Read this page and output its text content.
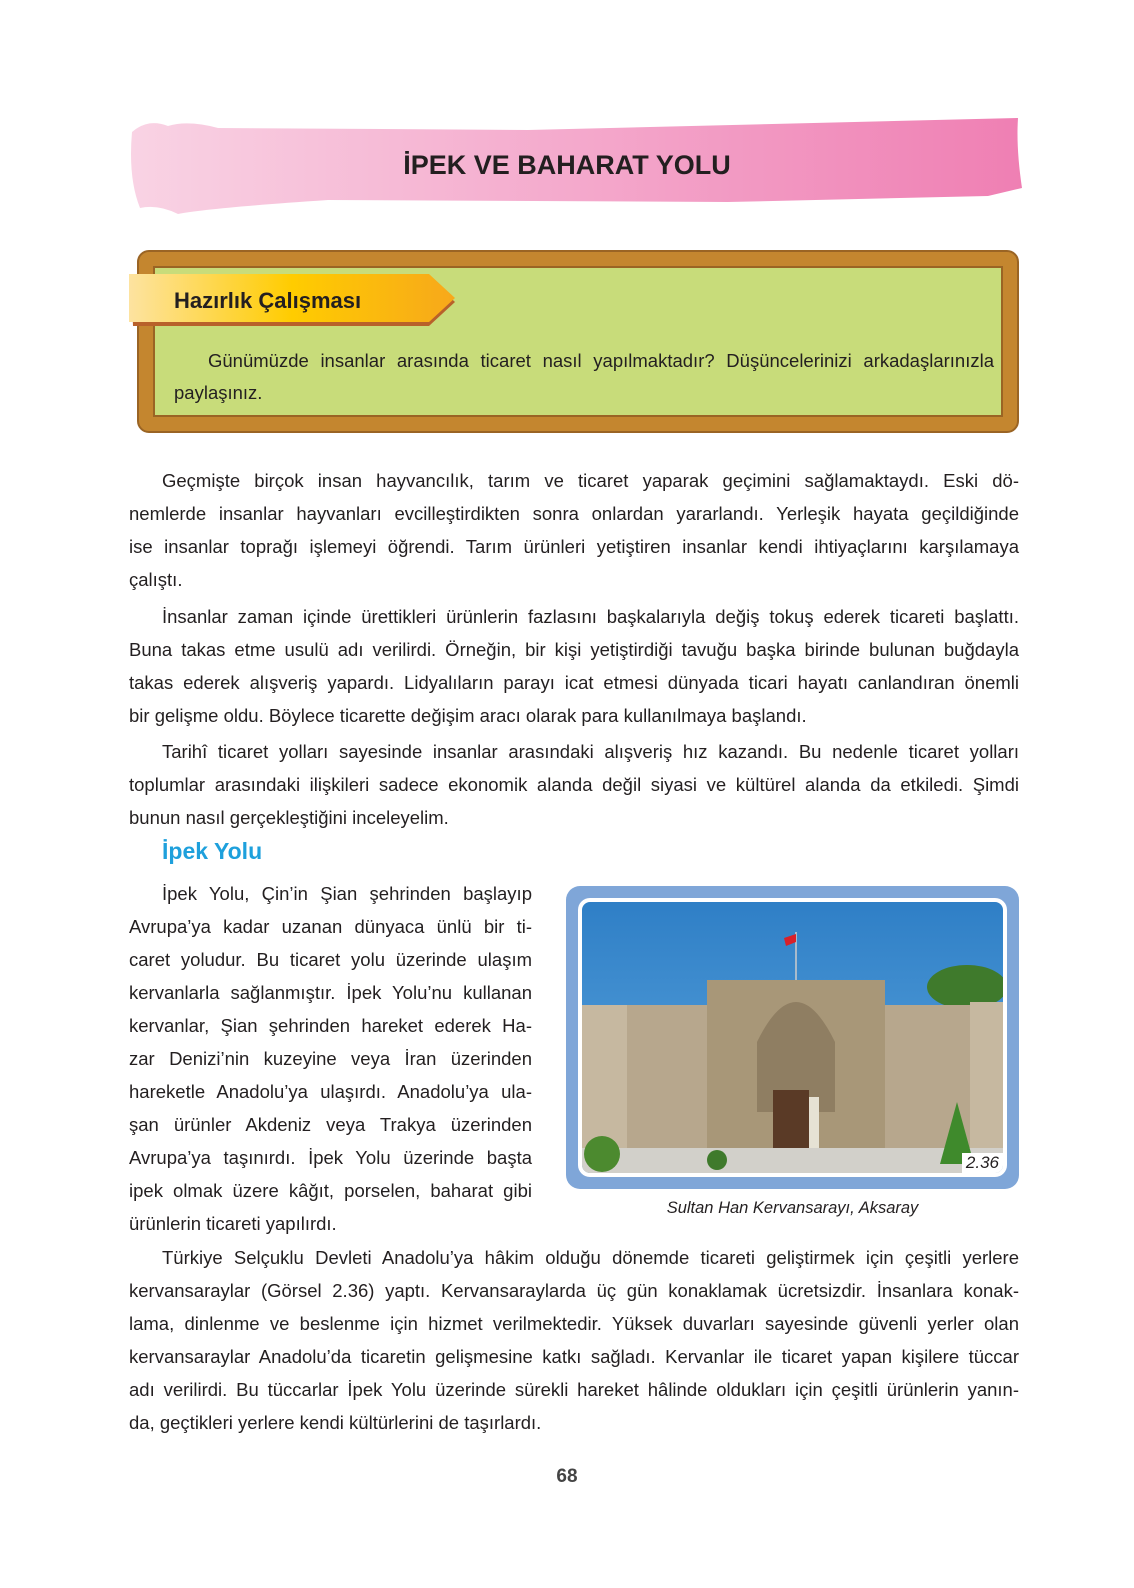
İPEK VE BAHARAT YOLU
Hazırlık Çalışması
Günümüzde insanlar arasında ticaret nasıl yapılmaktadır? Düşüncelerinizi arkadaşlarınızla
paylaşınız.
Geçmişte birçok insan hayvancılık, tarım ve ticaret yaparak geçimini sağlamaktaydı. Eski dö-
nemlerde insanlar hayvanları evcilleştirdikten sonra onlardan yararlandı. Yerleşik hayata geçildiğinde
ise insanlar toprağı işlemeyi öğrendi. Tarım ürünleri yetiştiren insanlar kendi ihtiyaçlarını karşılamaya
çalıştı.
İnsanlar zaman içinde ürettikleri ürünlerin fazlasını başkalarıyla değiş tokuş ederek ticareti başlattı.
Buna takas etme usulü adı verilirdi. Örneğin, bir kişi yetiştirdiği tavuğu başka birinde bulunan buğdayla
takas ederek alışveriş yapardı. Lidyalıların parayı icat etmesi dünyada ticari hayatı canlandıran önemli
bir gelişme oldu. Böylece ticarette değişim aracı olarak para kullanılmaya başlandı.
Tarihî ticaret yolları sayesinde insanlar arasındaki alışveriş hız kazandı. Bu nedenle ticaret yolları
toplumlar arasındaki ilişkileri sadece ekonomik alanda değil siyasi ve kültürel alanda da etkiledi. Şimdi
bunun nasıl gerçekleştiğini inceleyelim.
İpek Yolu
İpek Yolu, Çin’in Şian şehrinden başlayıp
Avrupa’ya kadar uzanan dünyaca ünlü bir ti-
caret yoludur. Bu ticaret yolu üzerinde ulaşım
kervanlarla sağlanmıştır. İpek Yolu’nu kullanan
kervanlar, Şian şehrinden hareket ederek Ha-
zar Denizi’nin kuzeyine veya İran üzerinden
hareketle Anadolu’ya ulaşırdı. Anadolu’ya ula-
şan ürünler Akdeniz veya Trakya üzerinden
Avrupa’ya taşınırdı. İpek Yolu üzerinde başta
ipek olmak üzere kâğıt, porselen, baharat gibi
ürünlerin ticareti yapılırdı.
2.36
Sultan Han Kervansarayı, Aksaray
Türkiye Selçuklu Devleti Anadolu’ya hâkim olduğu dönemde ticareti geliştirmek için çeşitli yerlere
kervansaraylar (Görsel 2.36) yaptı. Kervansaraylarda üç gün konaklamak ücretsizdir. İnsanlara konak-
lama, dinlenme ve beslenme için hizmet verilmektedir. Yüksek duvarları sayesinde güvenli yerler olan
kervansaraylar Anadolu’da ticaretin gelişmesine katkı sağladı. Kervanlar ile ticaret yapan kişilere tüccar
adı verilirdi. Bu tüccarlar İpek Yolu üzerinde sürekli hareket hâlinde oldukları için çeşitli ürünlerin yanın-
da, geçtikleri yerlere kendi kültürlerini de taşırlardı.
68
